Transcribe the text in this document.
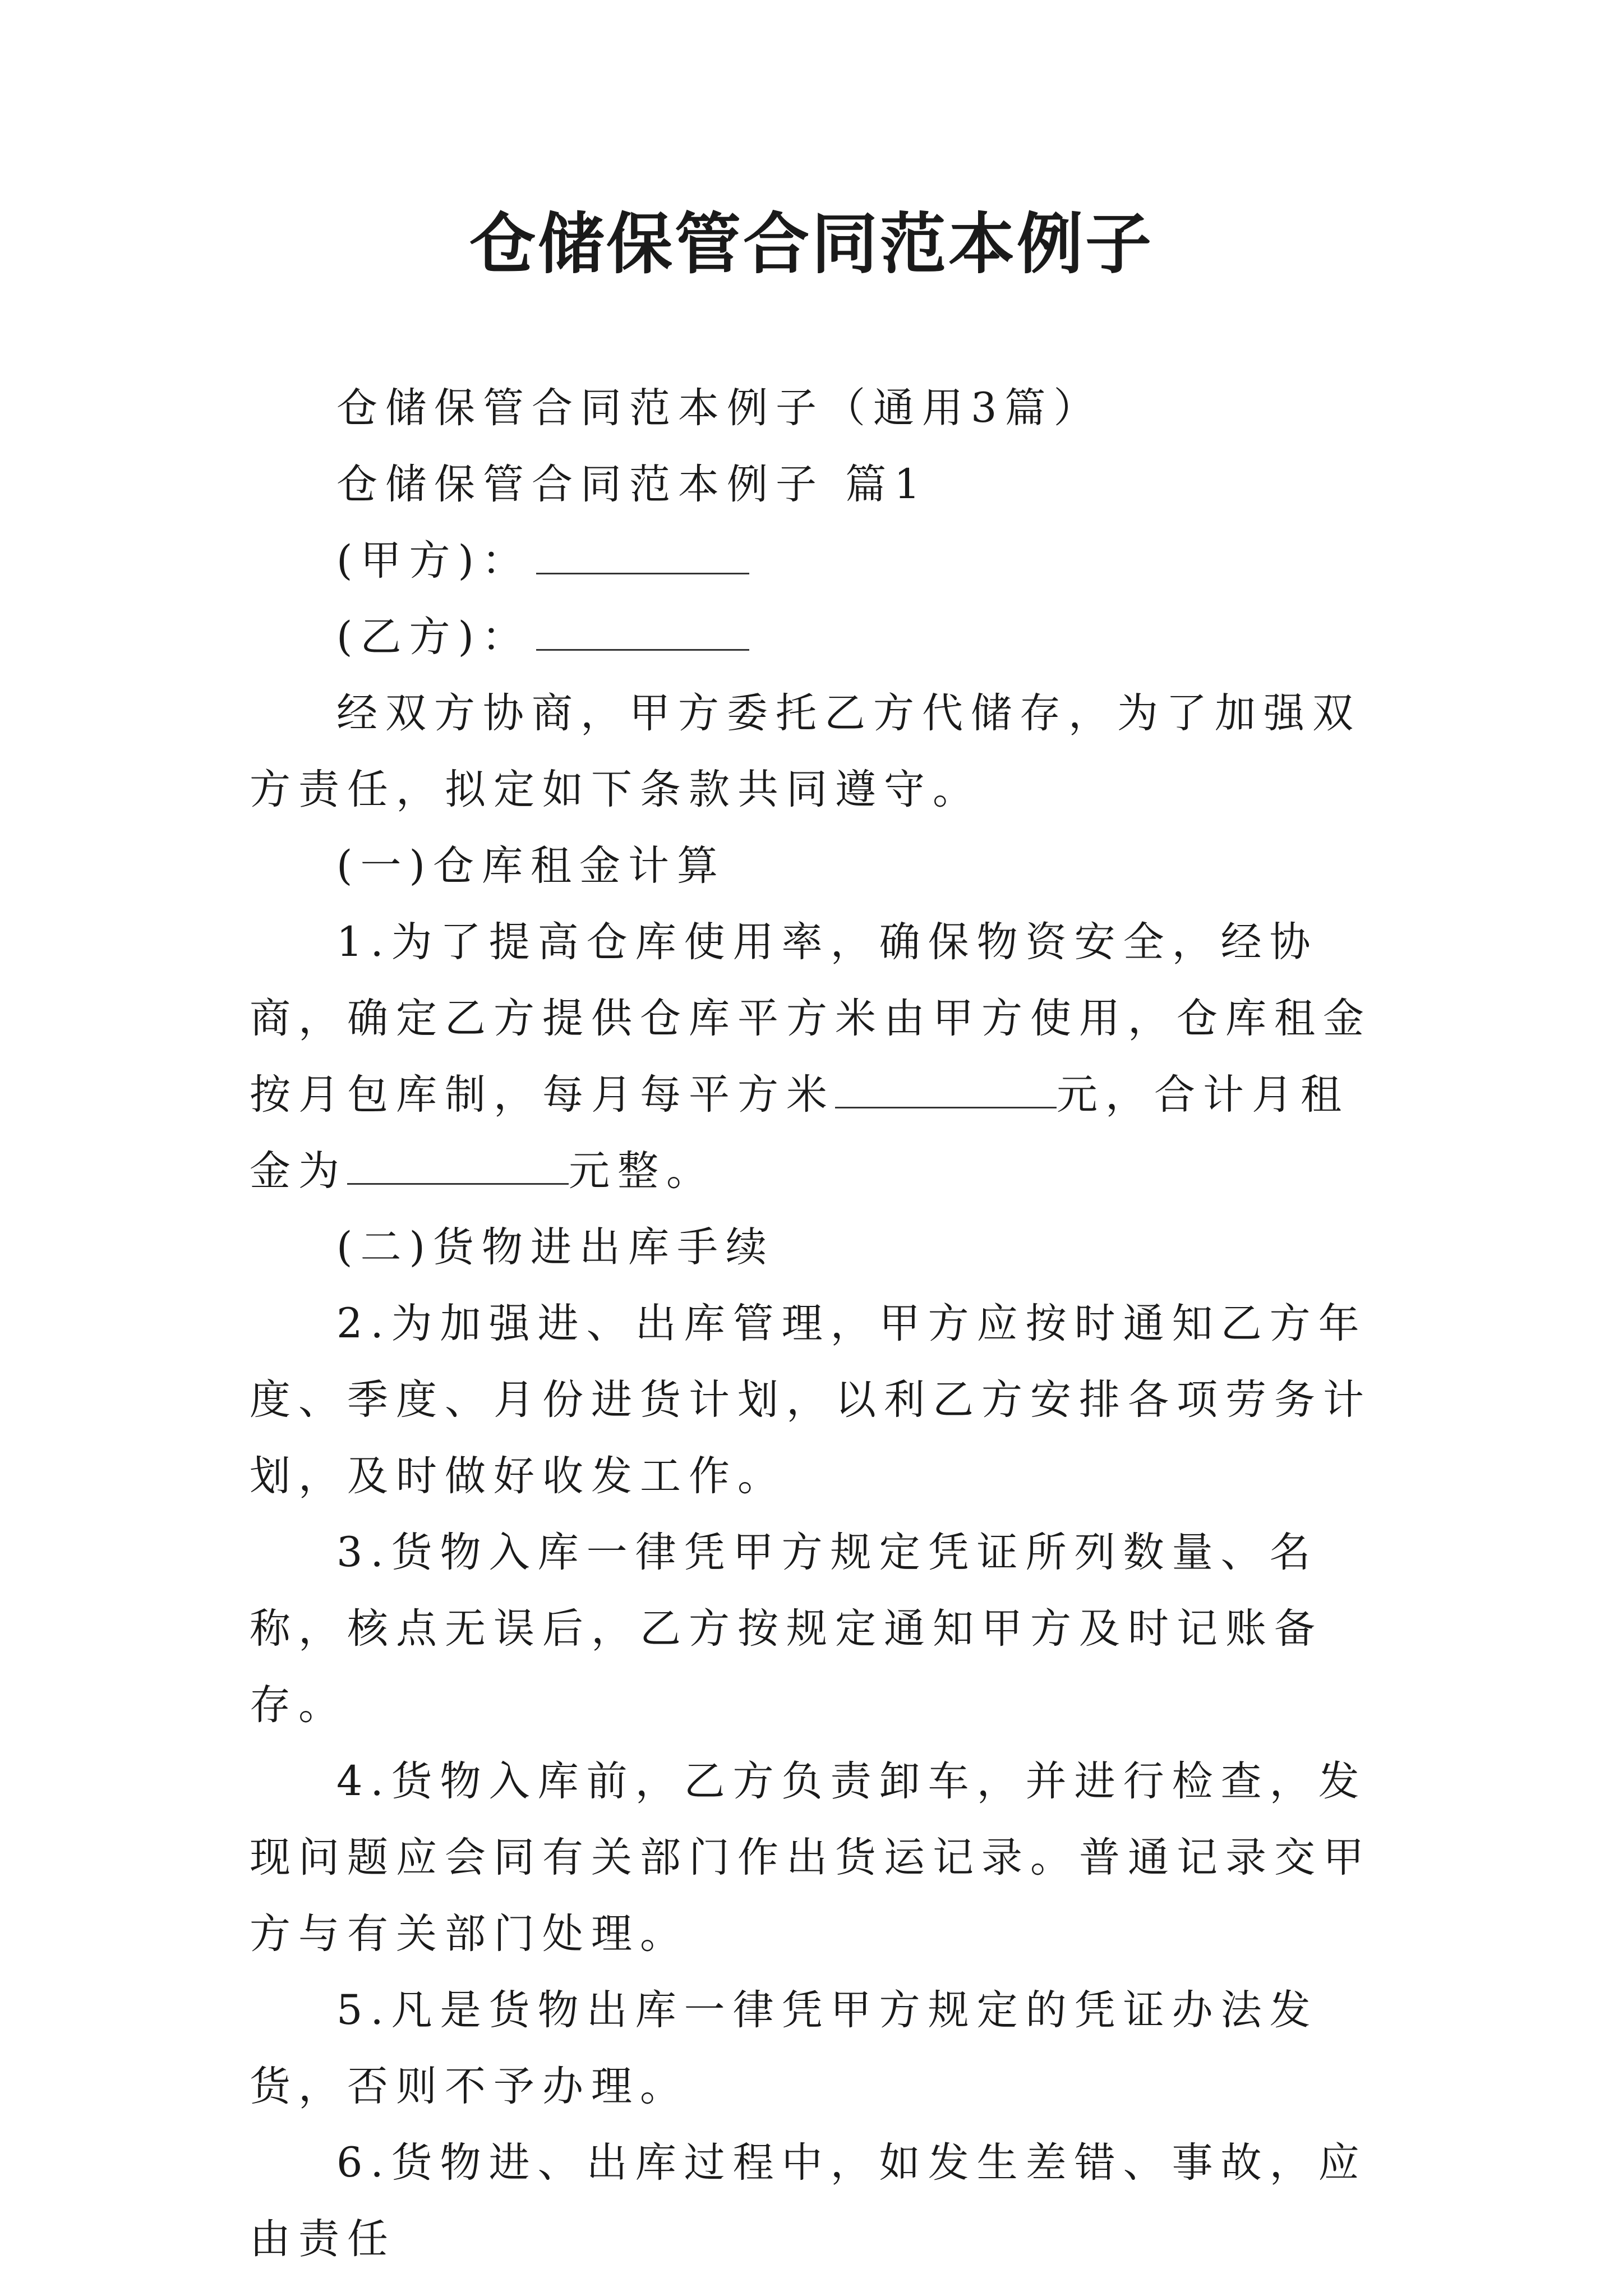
仓储保管合同范本例子

仓储保管合同范本例子（通用3篇）

仓储保管合同范本例子 篇1

(甲方)：

(乙方)：

经双方协商，甲方委托乙方代储存，为了加强双方责任，拟定如下条款共同遵守。

(一)仓库租金计算

1.为了提高仓库使用率，确保物资安全，经协商，确定乙方提供仓库平方米由甲方使用，仓库租金按月包库制，每月每平方米	元，合计月租金为	元整。

(二)货物进出库手续

2.为加强进、出库管理，甲方应按时通知乙方年度、季度、月份进货计划，以利乙方安排各项劳务计划，及时做好收发工作。

3.货物入库一律凭甲方规定凭证所列数量、名称，核点无误后，乙方按规定通知甲方及时记账备存。

4.货物入库前，乙方负责卸车，并进行检查，发现问题应会同有关部门作出货运记录。普通记录交甲方与有关部门处理。

5.凡是货物出库一律凭甲方规定的凭证办法发货，否则不予办理。

6.货物进、出库过程中，如发生差错、事故，应由责任
